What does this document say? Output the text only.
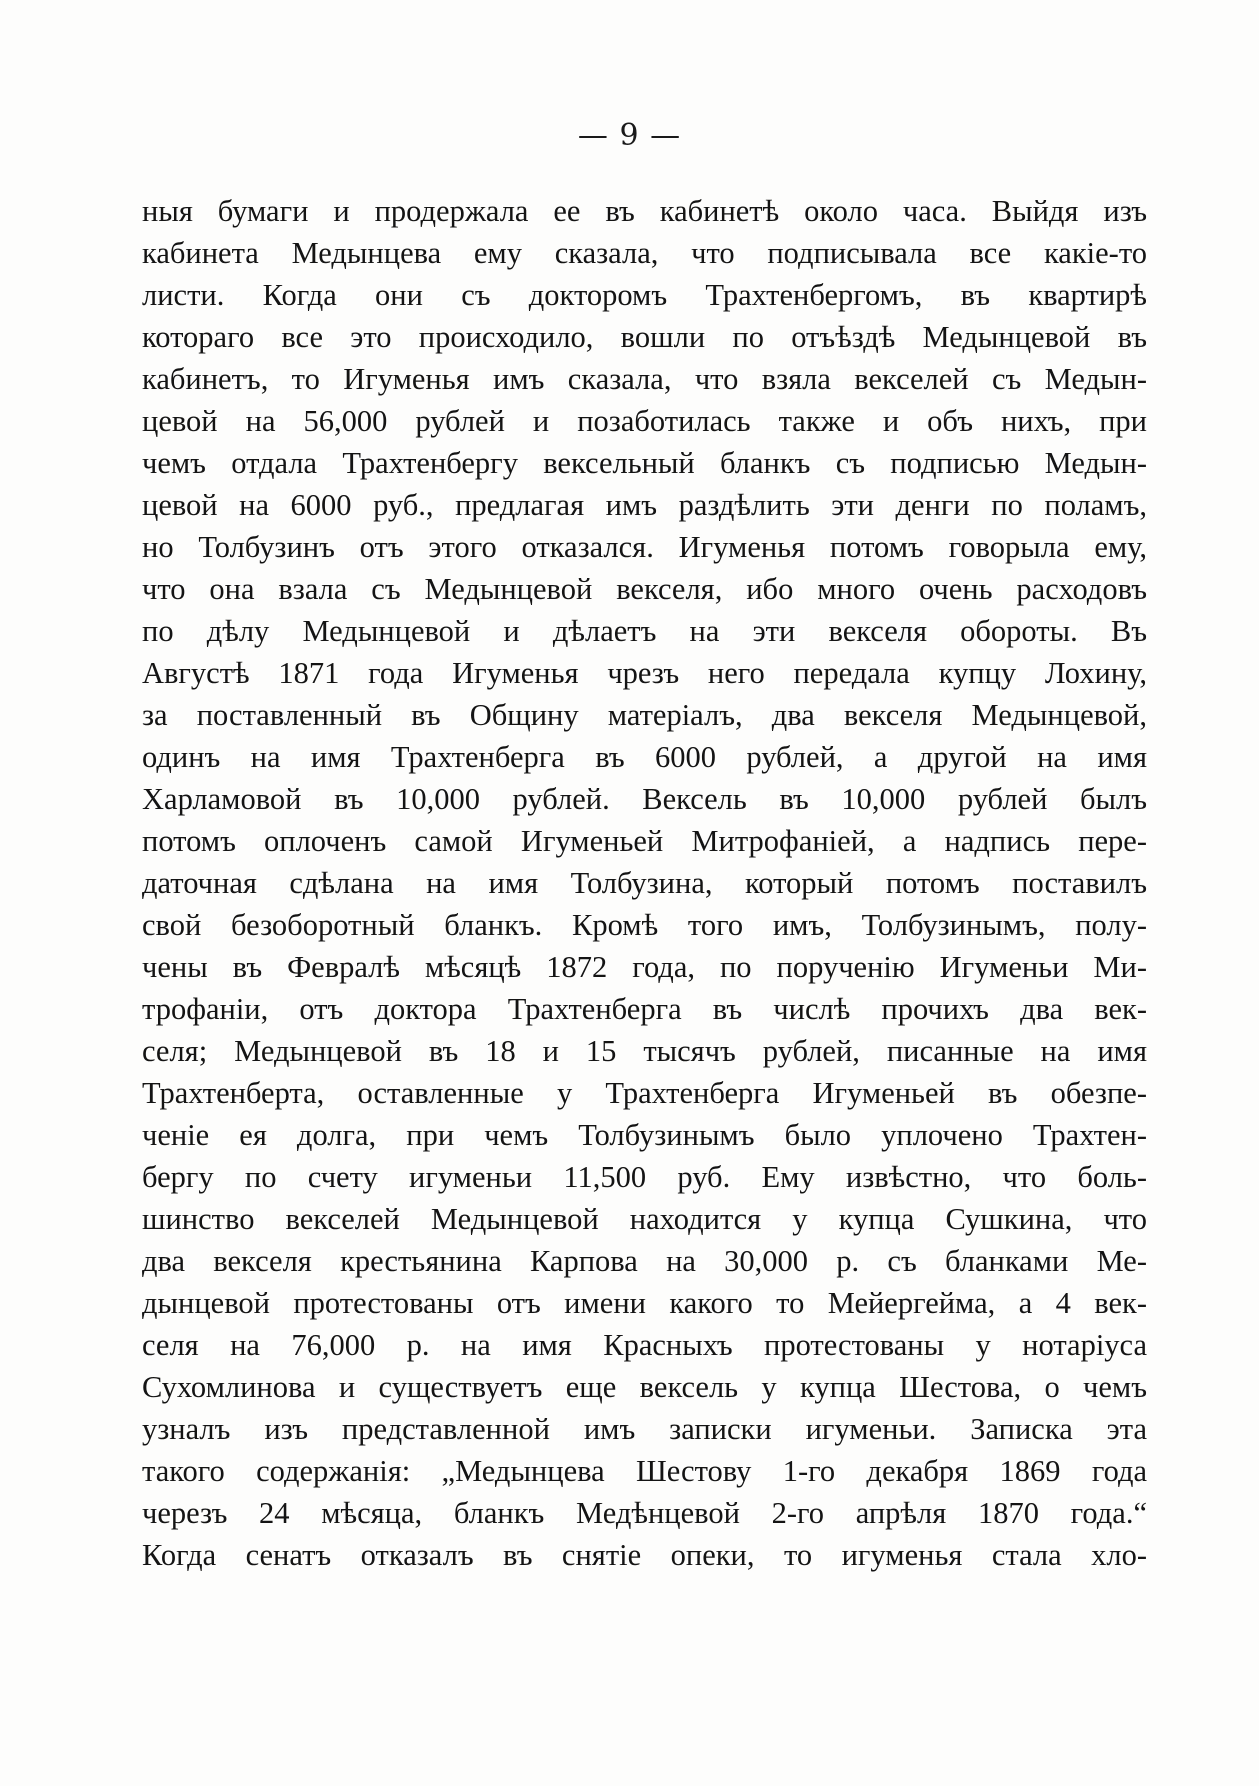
— 9 —
ныя бумаги и продержала ее въ кабинетѣ около часа. Выйдя изъ
кабинета Медынцева ему сказала, что подписывала все какіе-то
листи. Когда они съ докторомъ Трахтенбергомъ, въ квартирѣ
котораго все это происходило, вошли по отъѣздѣ Медынцевой въ
кабинетъ, то Игуменья имъ сказала, что взяла векселей съ Медын-
цевой на 56,000 рублей и позаботилась также и объ нихъ, при
чемъ отдала Трахтенбергу вексельный бланкъ съ подписью Медын-
цевой на 6000 руб., предлагая имъ раздѣлить эти денги по поламъ,
но Толбузинъ отъ этого отказался. Игуменья потомъ говорыла ему,
что она взала съ Медынцевой векселя, ибо много очень расходовъ
по дѣлу Медынцевой и дѣлаетъ на эти векселя обороты. Въ
Августѣ 1871 года Игуменья чрезъ него передала купцу Лохину,
за поставленный въ Общину матеріалъ, два векселя Медынцевой,
одинъ на имя Трахтенберга въ 6000 рублей, а другой на имя
Харламовой въ 10,000 рублей. Вексель въ 10,000 рублей былъ
потомъ оплоченъ самой Игуменьей Митрофаніей, а надпись пере-
даточная сдѣлана на имя Толбузина, который потомъ поставилъ
свой безоборотный бланкъ. Кромѣ того имъ, Толбузинымъ, полу-
чены въ Февралѣ мѣсяцѣ 1872 года, по порученію Игуменьи Ми-
трофаніи, отъ доктора Трахтенберга въ числѣ прочихъ два век-
селя; Медынцевой въ 18 и 15 тысячъ рублей, писанные на имя
Трахтенберта, оставленные у Трахтенберга Игуменьей въ обезпе-
ченіе ея долга, при чемъ Толбузинымъ было уплочено Трахтен-
бергу по счету игуменьи 11,500 руб. Ему извѣстно, что боль-
шинство векселей Медынцевой находится у купца Сушкина, что
два векселя крестьянина Карпова на 30,000 р. съ бланками Ме-
дынцевой протестованы отъ имени какого то Мейергейма, а 4 век-
селя на 76,000 р. на имя Красныхъ протестованы у нотаріуса
Сухомлинова и существуетъ еще вексель у купца Шестова, о чемъ
узналъ изъ представленной имъ записки игуменьи. Записка эта
такого содержанія: „Медынцева Шестову 1-го декабря 1869 года
черезъ 24 мѣсяца, бланкъ Медѣнцевой 2-го апрѣля 1870 года.“
Когда сенатъ отказалъ въ снятіе опеки, то игуменья стала хло-
